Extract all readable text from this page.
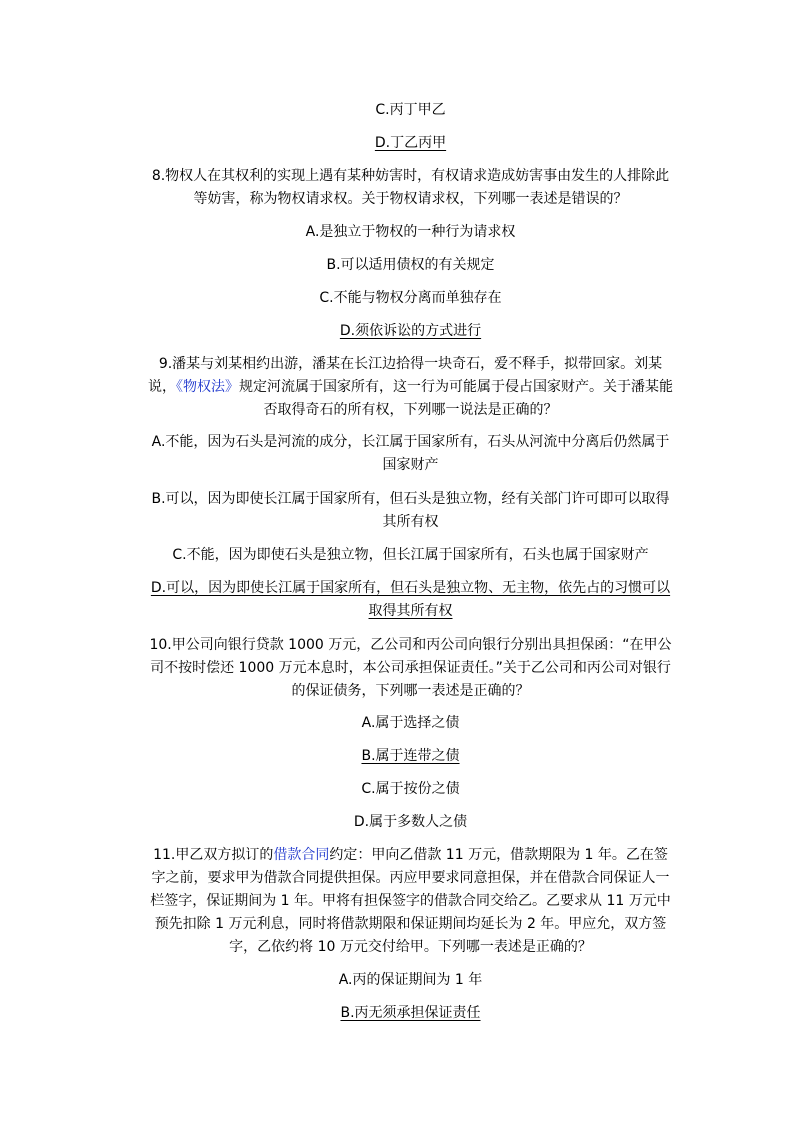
C.丙丁甲乙

D.丁乙丙甲

8.物权人在其权利的实现上遇有某种妨害时，有权请求造成妨害事由发生的人排除此等妨害，称为物权请求权。关于物权请求权，下列哪一表述是错误的？

A.是独立于物权的一种行为请求权

B.可以适用债权的有关规定

C.不能与物权分离而单独存在

D.须依诉讼的方式进行

9.潘某与刘某相约出游，潘某在长江边拾得一块奇石，爱不释手，拟带回家。刘某说，《物权法》规定河流属于国家所有，这一行为可能属于侵占国家财产。关于潘某能否取得奇石的所有权，下列哪一说法是正确的？

A.不能，因为石头是河流的成分，长江属于国家所有，石头从河流中分离后仍然属于国家财产

B.可以，因为即使长江属于国家所有，但石头是独立物，经有关部门许可即可以取得其所有权

C.不能，因为即使石头是独立物，但长江属于国家所有，石头也属于国家财产

D.可以，因为即使长江属于国家所有，但石头是独立物、无主物，依先占的习惯可以取得其所有权

10.甲公司向银行贷款 1000 万元，乙公司和丙公司向银行分别出具担保函：“在甲公司不按时偿还 1000 万元本息时，本公司承担保证责任。”关于乙公司和丙公司对银行的保证债务，下列哪一表述是正确的？

A.属于选择之债

B.属于连带之债

C.属于按份之债

D.属于多数人之债

11.甲乙双方拟订的借款合同约定：甲向乙借款 11 万元，借款期限为 1 年。乙在签字之前，要求甲为借款合同提供担保。丙应甲要求同意担保，并在借款合同保证人一栏签字，保证期间为 1 年。甲将有担保签字的借款合同交给乙。乙要求从 11 万元中预先扣除 1 万元利息，同时将借款期限和保证期间均延长为 2 年。甲应允，双方签字，乙依约将 10 万元交付给甲。下列哪一表述是正确的？

A.丙的保证期间为 1 年

B.丙无须承担保证责任
